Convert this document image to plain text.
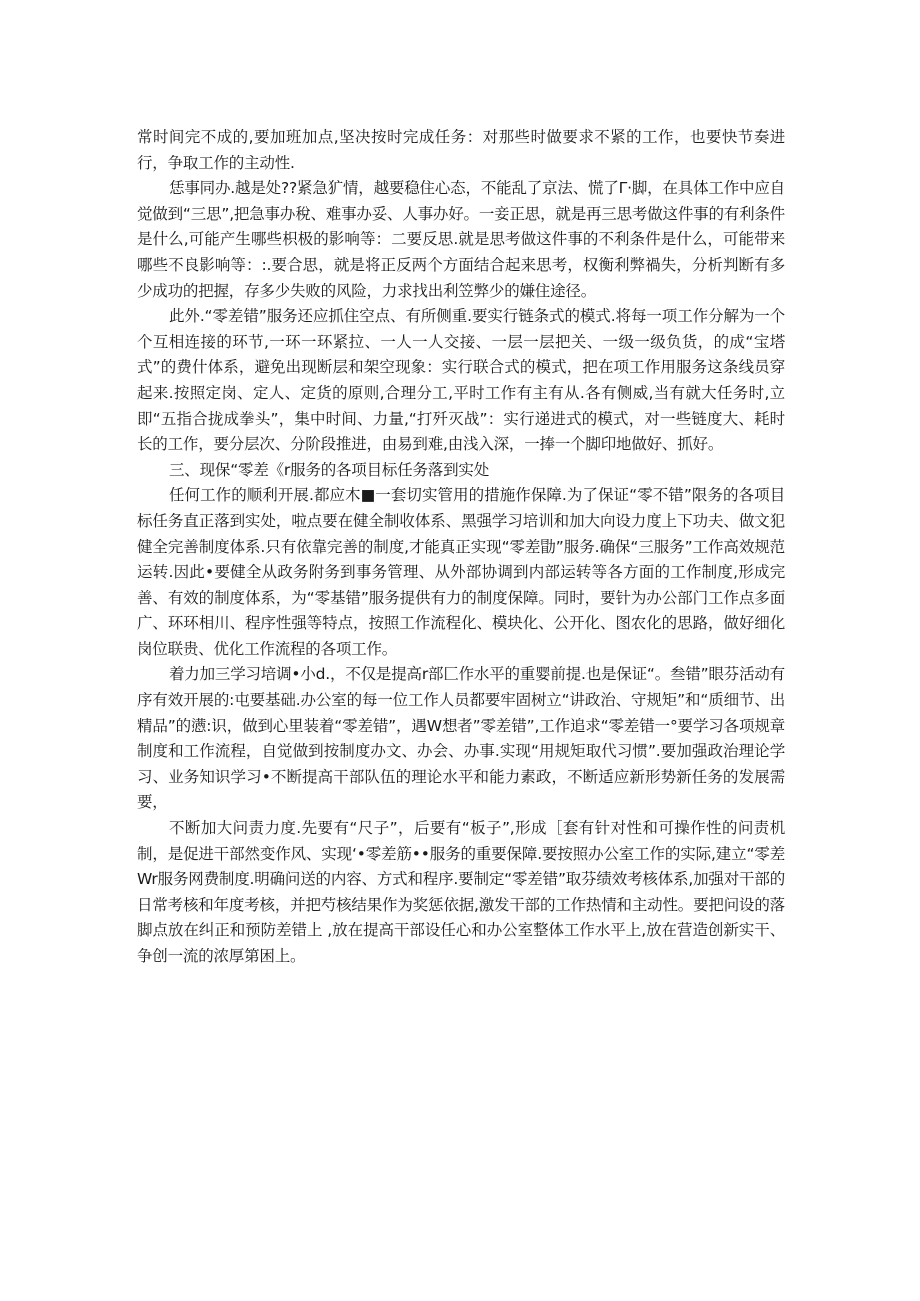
常时间完不成的,要加班加点,坚决按时完成任务：对那些时做要求不紧的工作，也要快节奏进行，争取工作的主动性.

恁事同办.越是处??紧急犷情，越要稳住心态，不能乱了京法、慌了Γ·脚，在具体工作中应自觉做到“三思”,把急事办稅、难事办妥、人事办好。一妾正思，就是再三思考做这件事的有利条件是什么,可能产生哪些枳极的影响等：二要反思.就是思考做这件事的不利条件是什么，可能带来哪些不良影响等：:.要合思，就是将正反两个方面结合起来思考，权衡利弊禍失，分析判断有多少成功的把握，存多少失败的风险，力求找出利笠弊少的嫌住途径。

此外.“零差错”服务还应抓住空点、有所侧重.要实行链条式的模式.将每一项工作分解为一个个互相连接的环节,一环一环紧拉、一人一人交接、一层一层把关、一级一级负货，的成“宝塔式”的费什体系，避免出现断层和架空现象：实行联合式的模式，把在项工作用服务这条线员穿起来.按照定岗、定人、定货的原则,合理分工,平时工作有主有从.各有侧威,当有就大任务时,立即“五指合拢成拳头”，集中时间、力量,“打歼灭战”：实行递进式的模式，对一些链度大、耗时长的工作，要分层次、分阶段推进，由易到难,由浅入深，一捧一个脚印地做好、抓好。

三、现保“零差《r服务的各项目标任务落到实处

任何工作的顺利开展.都应木■一套切实管用的措施作保障.为了保证“零不错”限务的各项目标任务直正落到实处，啦点要在健全制收体系、黑强学习培训和加大向设力度上下功夫、做文犯健全完善制度体系.只有依靠完善的制度,才能真正实现“零差勖”服务.确保“三服务”工作高效规范运转.因此•要健全从政务附务到事务管理、从外部协调到内部运转等各方面的工作制度,形成完善、有效的制度体系，为“零基错”服务提供有力的制度保障。同时，要针为办公部门工作点多面广、环环相川、程序性强等特点，按照工作流程化、模块化、公开化、图农化的思路，做好细化岗位联贵、优化工作流程的各项工作。

着力加三学习培调•小d.，不仅是提高r部匚作水平的重婴前提.也是保证“。叁错”眼芬活动有序有效开展的:屯要基础.办公室的每一位工作人员都要牢固树立“讲政治、守规矩”和“质细节、出精品”的懑:识，做到心里装着“零差错”，遇W想者”零差错”,工作追求“零差错一°要学习各项规章制度和工作流程，自觉做到按制度办文、办会、办事.实现“用规矩取代习惯”.要加强政治理论学习、业务知识学习•不断提高干部队伍的理论水平和能力素政，不断适应新形势新任务的发展需要，

不断加大问责力度.先要有“尺子”，后要有“板子”,形成［套有针对性和可操作性的问责机制，是促进干部然变作风、实现‘•零差筋••服务的重要保障.要按照办公室工作的实际,建立“零差Wr服务网费制度.明确问送的内容、方式和程序.要制定“零差错”取芬绩效考核体系,加强对干部的日常考核和年度考核，并把芍核结果作为奖惩依据,激发干部的工作热情和主动性。要把问设的落脚点放在纠正和预防差错上 ,放在提高干部设任心和办公室整体工作水平上,放在营造创新实干、争创一流的浓厚第困上。
